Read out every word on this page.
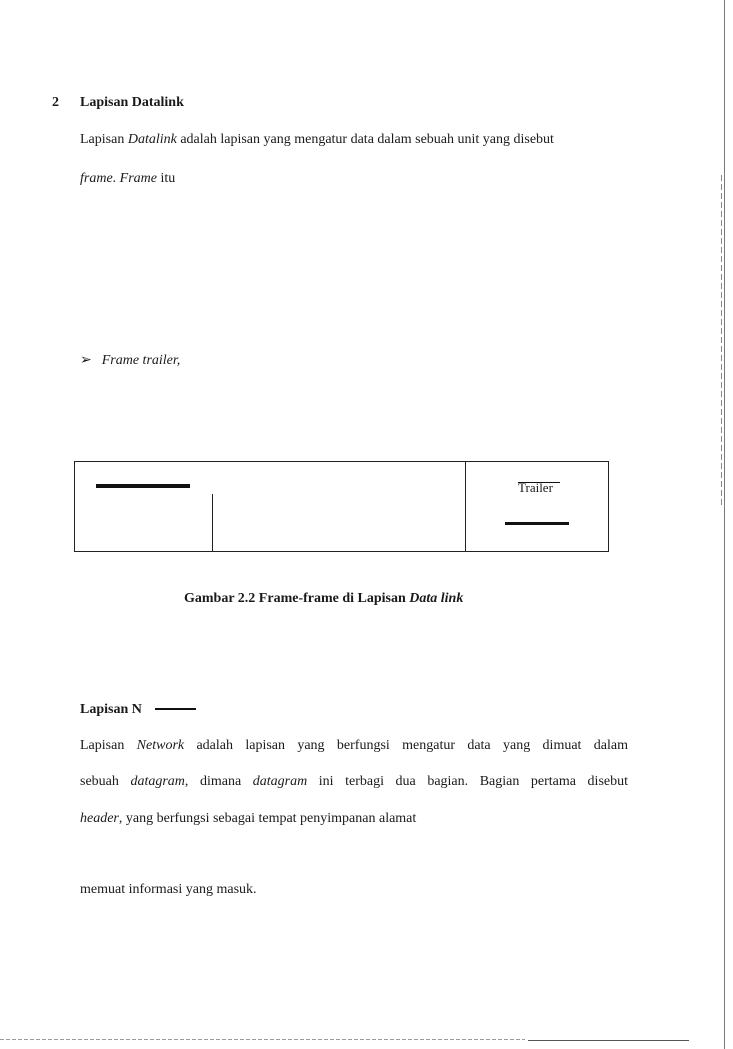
2 Lapisan Datalink
Lapisan Datalink adalah lapisan yang mengatur data dalam sebuah unit yang disebut
frame. Frame itu
➢ Frame trailer,
Trailer
Gambar 2.2 Frame-frame di Lapisan Data link
Lapisan N
Lapisan Network adalah lapisan yang berfungsi mengatur data yang dimuat dalam
sebuah datagram, dimana datagram ini terbagi dua bagian. Bagian pertama disebut
header, yang berfungsi sebagai tempat penyimpanan alamat
memuat informasi yang masuk.
